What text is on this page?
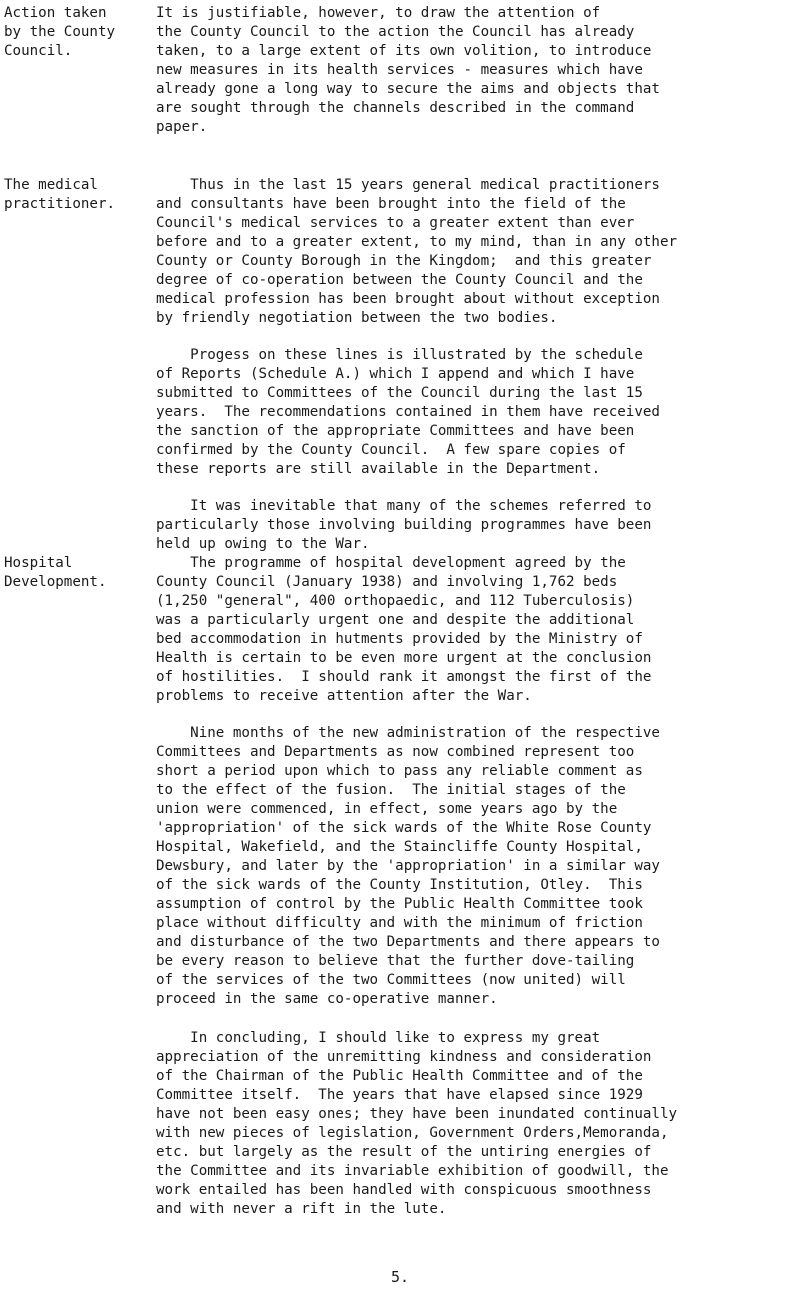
Action taken
by the County
Council.
The medical
practitioner.
Hospital
Development.
It is justifiable, however, to draw the attention of
the County Council to the action the Council has already
taken, to a large extent of its own volition, to introduce
new measures in its health services - measures which have
already gone a long way to secure the aims and objects that
are sought through the channels described in the command
paper.
Thus in the last 15 years general medical practitioners
and consultants have been brought into the field of the
Council's medical services to a greater extent than ever
before and to a greater extent, to my mind, than in any other
County or County Borough in the Kingdom;  and this greater
degree of co-operation between the County Council and the
medical profession has been brought about without exception
by friendly negotiation between the two bodies.
Progess on these lines is illustrated by the schedule
of Reports (Schedule A.) which I append and which I have
submitted to Committees of the Council during the last 15
years.  The recommendations contained in them have received
the sanction of the appropriate Committees and have been
confirmed by the County Council.  A few spare copies of
these reports are still available in the Department.
It was inevitable that many of the schemes referred to
particularly those involving building programmes have been
held up owing to the War.
The programme of hospital development agreed by the
County Council (January 1938) and involving 1,762 beds
(1,250 "general", 400 orthopaedic, and 112 Tuberculosis)
was a particularly urgent one and despite the additional
bed accommodation in hutments provided by the Ministry of
Health is certain to be even more urgent at the conclusion
of hostilities.  I should rank it amongst the first of the
problems to receive attention after the War.
Nine months of the new administration of the respective
Committees and Departments as now combined represent too
short a period upon which to pass any reliable comment as
to the effect of the fusion.  The initial stages of the
union were commenced, in effect, some years ago by the
'appropriation' of the sick wards of the White Rose County
Hospital, Wakefield, and the Staincliffe County Hospital,
Dewsbury, and later by the 'appropriation' in a similar way
of the sick wards of the County Institution, Otley.  This
assumption of control by the Public Health Committee took
place without difficulty and with the minimum of friction
and disturbance of the two Departments and there appears to
be every reason to believe that the further dove-tailing
of the services of the two Committees (now united) will
proceed in the same co-operative manner.
In concluding, I should like to express my great
appreciation of the unremitting kindness and consideration
of the Chairman of the Public Health Committee and of the
Committee itself.  The years that have elapsed since 1929
have not been easy ones; they have been inundated continually
with new pieces of legislation, Government Orders,Memoranda,
etc. but largely as the result of the untiring energies of
the Committee and its invariable exhibition of goodwill, the
work entailed has been handled with conspicuous smoothness
and with never a rift in the lute.
5.
